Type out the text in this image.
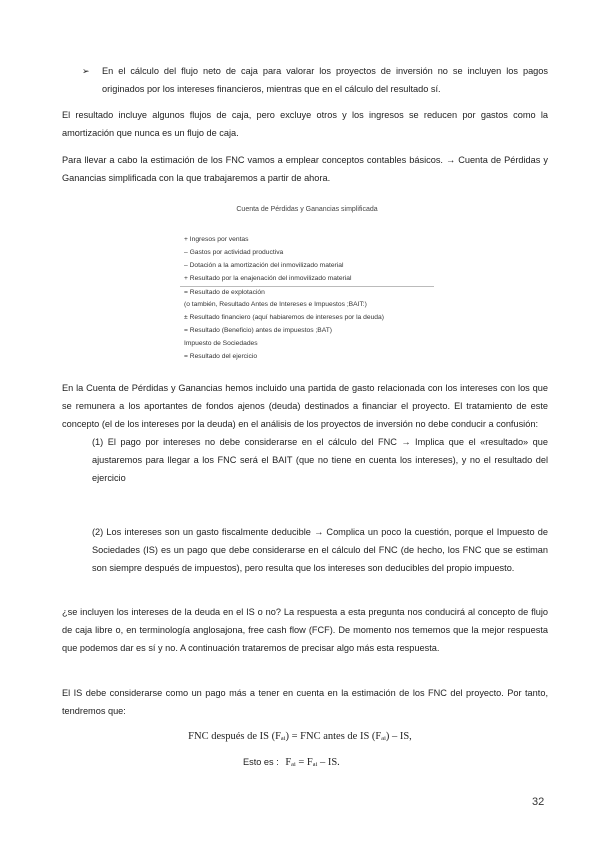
➢	En el cálculo del flujo neto de caja para valorar los proyectos de inversión no se incluyen los pagos originados por los intereses financieros, mientras que en el cálculo del resultado sí.
El resultado incluye algunos flujos de caja, pero excluye otros y los ingresos se reducen por gastos como la amortización que nunca es un flujo de caja.
Para llevar a cabo la estimación de los FNC vamos a emplear conceptos contables básicos. → Cuenta de Pérdidas y Ganancias simplificada con la que trabajaremos a partir de ahora.
Cuenta de Pérdidas y Ganancias simplificada
+ Ingresos por ventas
– Gastos por actividad productiva
– Dotación a la amortización del inmovilizado material
+ Resultado por la enajenación del inmovilizado material
= Resultado de explotación
(o también, Resultado Antes de Intereses e Impuestos ;BAIT:)
± Resultado financiero (aquí habiaremos de intereses por la deuda)
= Resultado (Beneficio) antes de impuestos ;BAT)
Impuesto de Sociedades
= Resultado del ejercicio
En la Cuenta de Pérdidas y Ganancias hemos incluido una partida de gasto relacionada con los intereses con los que se remunera a los aportantes de fondos ajenos (deuda) destinados a financiar el proyecto. El tratamiento de este concepto (el de los intereses por la deuda) en el análisis de los proyectos de inversión no debe conducir a confusión:
(1) El pago por intereses no debe considerarse en el cálculo del FNC → Implica que el «resultado» que ajustaremos para llegar a los FNC será el BAIT (que no tiene en cuenta los intereses), y no el resultado del ejercicio
(2) Los intereses son un gasto fiscalmente deducible → Complica un poco la cuestión, porque el Impuesto de Sociedades (IS) es un pago que debe considerarse en el cálculo del FNC (de hecho, los FNC que se estiman son siempre después de impuestos), pero resulta que los intereses son deducibles del propio impuesto.
¿se incluyen los intereses de la deuda en el IS o no? La respuesta a esta pregunta nos conducirá al concepto de flujo de caja libre o, en terminología anglosajona, free cash flow (FCF). De momento nos tememos que la mejor respuesta que podemos dar es sí y no. A continuación trataremos de precisar algo más esta respuesta.
El IS debe considerarse como un pago más a tener en cuenta en la estimación de los FNC del proyecto. Por tanto, tendremos que:
FNC después de IS (Fₐᵢ) = FNC antes de IS (Fₐᵢ) – IS,
Esto es : Fₐᵢ = Fₐᵢ – IS.
32
